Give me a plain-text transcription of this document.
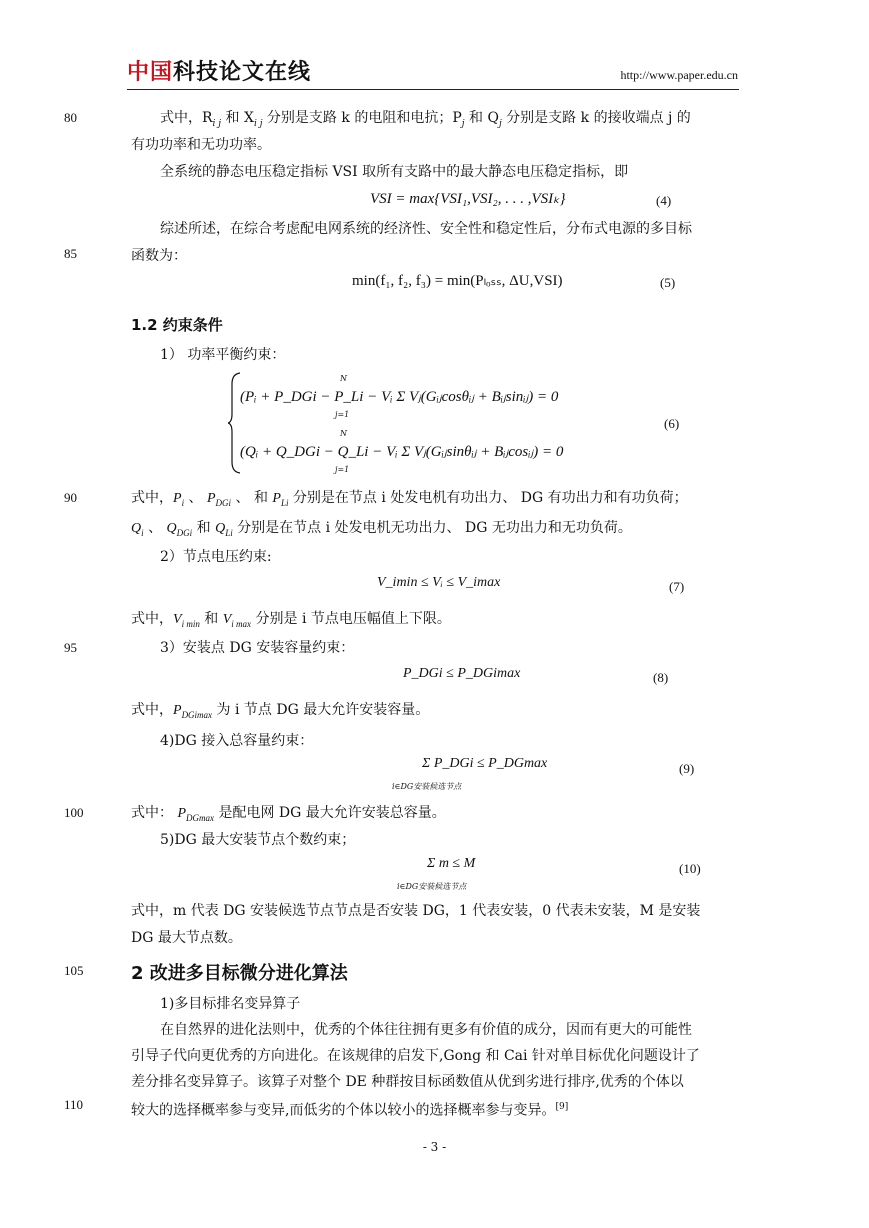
中国科技论文在线	http://www.paper.edu.cn
80
85
90
95
100
105
110
式中，$R_{i j}$ 和 $X_{i j}$ 分别是支路 k 的电阻和电抗；$P_j$ 和 $Q_j$ 分别是支路 k 的接收端点 j 的
有功功率和无功功率。
全系统的静态电压稳定指标 VSI 取所有支路中的最大静态电压稳定指标，即
VSI = max{VSI₁,VSI₂, . . . ,VSIₖ}	(4)
综述所述，在综合考虑配电网系统的经济性、安全性和稳定性后，分布式电源的多目标
函数为：
min(f₁, f₂, f₃) = min(Pₗₒₛₛ, ΔU,VSI)	(5)
1.2 约束条件
1） 功率平衡约束：
N
(Pᵢ + P_DGi − P_Li − Vᵢ Σ Vⱼ(Gᵢⱼcosθᵢⱼ + Bᵢⱼsinᵢⱼ) = 0
j=1
(6)
N
(Qᵢ + Q_DGi − Q_Li − Vᵢ Σ Vⱼ(Gᵢⱼsinθᵢⱼ + Bᵢⱼcosᵢⱼ) = 0
j=1
式中，$P_i$ 、 $P_{DGi}$ 、 和 $P_{Li}$ 分别是在节点 i 处发电机有功出力、 DG 有功出力和有功负荷；
$Q_i$ 、 $Q_{DGi}$ 和 $Q_{Li}$ 分别是在节点 i 处发电机无功出力、 DG 无功出力和无功负荷。
2）节点电压约束:
V_imin ≤ Vᵢ ≤ V_imax	(7)
式中，$V_{i min}$ 和 $V_{i max}$ 分别是 i 节点电压幅值上下限。
3）安装点 DG 安装容量约束：
P_DGi ≤ P_DGimax	(8)
式中，$P_{DGimax}$ 为 i 节点 DG 最大允许安装容量。
4)DG 接入总容量约束：
Σ P_DGi ≤ P_DGmax
i∈DG安装候选节点
(9)
式中： $P_{DGmax}$ 是配电网 DG 最大允许安装总容量。
5)DG 最大安装节点个数约束；
Σ m ≤ M
i∈DG安装候选节点
(10)
式中，m 代表 DG 安装候选节点节点是否安装 DG，1 代表安装，0 代表未安装，M 是安装
DG 最大节点数。
2 改进多目标微分进化算法
1)多目标排名变异算子
在自然界的进化法则中，优秀的个体往往拥有更多有价值的成分，因而有更大的可能性
引导子代向更优秀的方向进化。在该规律的启发下,Gong 和 Cai 针对单目标优化问题设计了
差分排名变异算子。该算子对整个 DE 种群按目标函数值从优到劣进行排序,优秀的个体以
较大的选择概率参与变异,而低劣的个体以较小的选择概率参与变异。[9]
- 3 -
